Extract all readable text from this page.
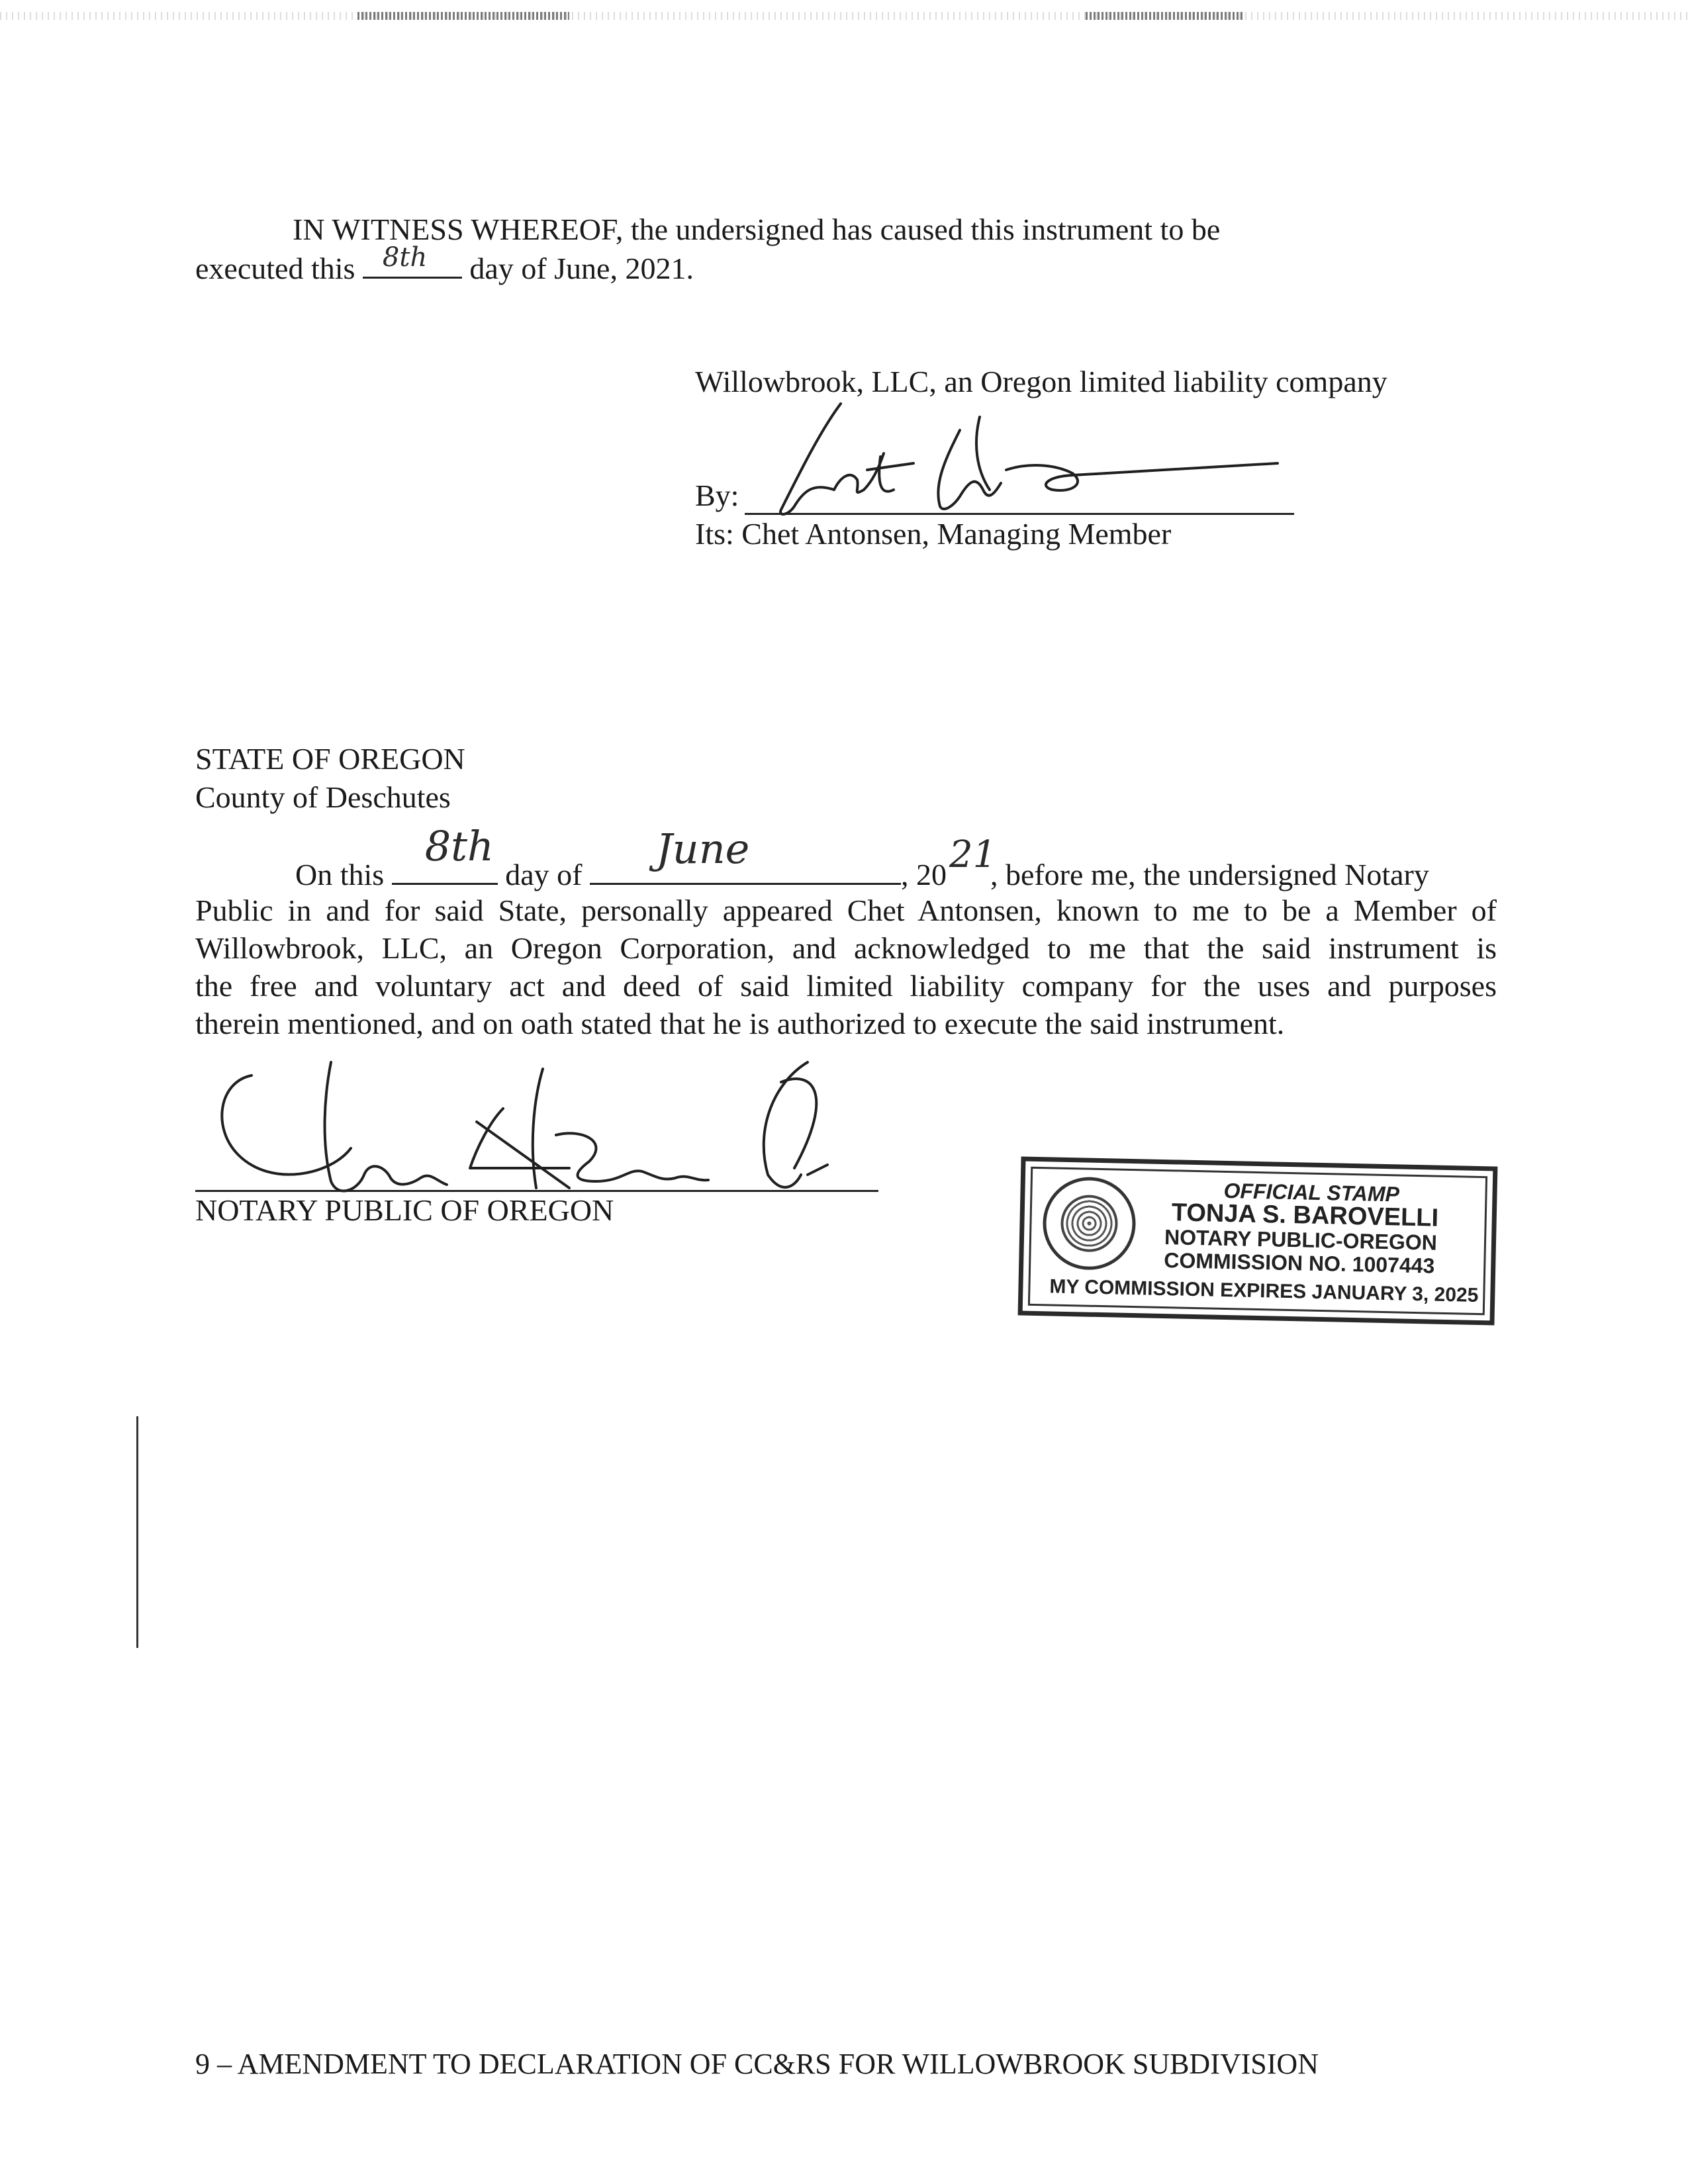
IN WITNESS WHEREOF, the undersigned has caused this instrument to be
executed this 8th day of June, 2021.
Willowbrook, LLC, an Oregon limited liability company
By:
Its: Chet Antonsen, Managing Member
STATE OF OREGON
County of Deschutes
On this
8th
day of
June
, 20 21
, before me, the undersigned Notary
Public in and for said State, personally appeared Chet Antonsen, known to me to be a Member of
Willowbrook, LLC, an Oregon Corporation, and acknowledged to me that the said instrument is
the free and voluntary act and deed of said limited liability company for the uses and purposes
therein mentioned, and on oath stated that he is authorized to execute the said instrument.
NOTARY PUBLIC OF OREGON
OFFICIAL STAMP
TONJA S. BAROVELLI
NOTARY PUBLIC-OREGON
COMMISSION NO. 1007443
MY COMMISSION EXPIRES JANUARY 3, 2025
9 – AMENDMENT TO DECLARATION OF CC&RS FOR WILLOWBROOK SUBDIVISION
